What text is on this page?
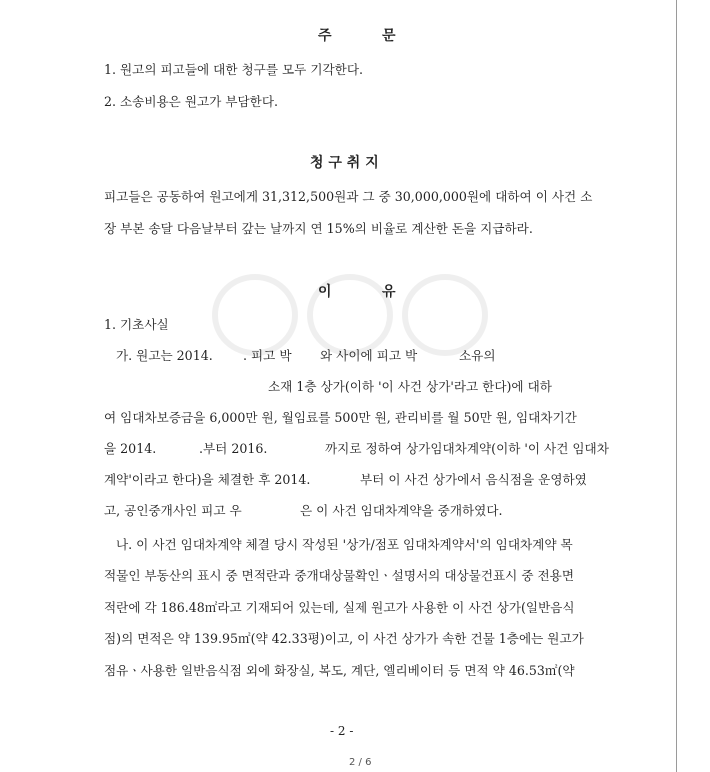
주	문
1. 원고의 피고들에 대한 청구를 모두 기각한다.
2. 소송비용은 원고가 부담한다.
청 구 취 지
피고들은 공동하여 원고에게 31,312,500원과 그 중 30,000,000원에 대하여 이 사건 소
장 부본 송달 다음날부터 갚는 날까지 연 15%의 비율로 계산한 돈을 지급하라.
이	유
1. 기초사실
가. 원고는 2014. . 피고 박 와 사이에 피고 박	소유의
소재 1층 상가(이하 '이 사건 상가'라고 한다)에 대하
여 임대차보증금을 6,000만 원, 월임료를 500만 원, 관리비를 월 50만 원, 임대차기간
을 2014.	.부터 2016.	까지로 정하여 상가임대차계약(이하 '이 사건 임대차
계약'이라고 한다)을 체결한 후 2014.	부터 이 사건 상가에서 음식점을 운영하였
고, 공인중개사인 피고 우	은 이 사건 임대차계약을 중개하였다.
나. 이 사건 임대차계약 체결 당시 작성된 '상가/점포 임대차계약서'의 임대차계약 목
적물인 부동산의 표시 중 면적란과 중개대상물확인ㆍ설명서의 대상물건표시 중 전용면
적란에 각 186.48㎡라고 기재되어 있는데, 실제 원고가 사용한 이 사건 상가(일반음식
점)의 면적은 약 139.95㎡(약 42.33평)이고, 이 사건 상가가 속한 건물 1층에는 원고가
점유ㆍ사용한 일반음식점 외에 화장실, 복도, 계단, 엘리베이터 등 면적 약 46.53㎡(약
- 2 -
2 / 6
